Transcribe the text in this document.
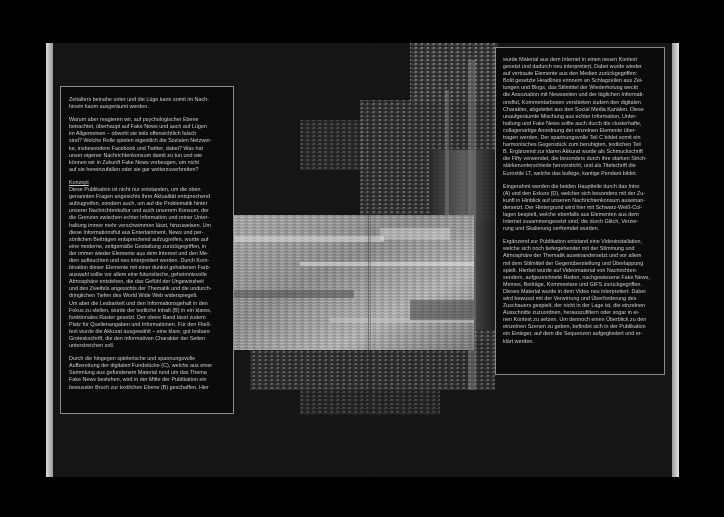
Zeitalters beinahe unter und die Lüge kann somit im Nach-
hinein kaum ausgeräumt werden.

Warum aber reagieren wir, auf psychologischer Ebene
betrachtet, überhaupt auf Fake News und auch auf Lügen
im Allgemeinen – obwohl sie teils offensichtlich falsch
sind? Welche Rolle spielen eigentlich die Sozialen Netzwer-
ke, insbesondere Facebook und Twitter, dabei? Was hat
unser eigener Nachrichtenkonsum damit zu tun und wie
können wir in Zukunft Fake News vorbeugen, um nicht
auf sie hereinzufallen oder sie gar weiterzuverbreiten?

Konzept

Diese Publikation ist nicht nur entstanden, um die oben
genannten Fragen angesichts ihrer Aktualität entsprechend
aufzugreifen, sondern auch, um auf die Problematik hinter
unserer Nachrichtenkultur und auch unserem Konsum, der
die Grenzen zwischen echter Information und reiner Unter-
haltung immer mehr verschwimmen lässt, hinzuweisen. Um
diese Informationsflut aus Entertainment, News und per-
sönlichen Beiträgen entsprechend aufzugreifen, wurde auf
eine moderne, zeitgemäße Gestaltung zurückgegriffen, in
der immer wieder Elemente aus dem Internet und den Me-
dien aufleuchten und neu interpretiert werden. Durch Kom-
bination dieser Elemente mit einer dunkel gehaltenen Farb-
auswahl sollte vor allem eine futuristische, geheimnisvolle
Atmosphäre entstehen, die das Gefühl der Ungewissheit
und des Zweifels angesichts der Thematik und die undurch-
dringlichen Tiefen des World Wide Web widerspiegelt.
Um aber die Lesbarkeit und den Informationsgehalt in den
Fokus zu stellen, wurde der textliche Inhalt (B) in ein klares,
funktionales Raster gesetzt. Der obere Rand lässt zudem
Platz für Quellenangaben und Informationen. Für den Fließ-
text wurde die Akkurat ausgewählt – eine klare, gut lesbare
Groteskschrift, die den informativen Charakter der Seiten
unterstreichen soll.

Durch die hingegen spielerische und spannungsvolle
Aufbereitung der digitalen Fundstücke (C), welche aus einer
Sammlung aus gefundenem Material rund um das Thema
Fake News bestehen, wird in der Mitte der Publikation ein
bewusster Bruch zur textlichen Ebene (B) geschaffen. Hier

wurde Material aus dem Internet in einen neuen Kontext
gesetzt und dadurch neu interpretiert. Dabei wurde wieder
auf vertraute Elemente aus den Medien zurückgegriffen:
Bold gesetzte Headlines erinnern an Schlagzeilen aus Zei-
tungen und Blogs, das Stilmittel der Wiederholung weckt
die Assoziation mit Newsseiten und der täglichen Informati-
onsflut, Kommentarboxen verstärken zudem den digitalen
Charakter, abgeleitet aus den Social Media Kanälen. Diese
unaufgeräumte Mischung aus echter Information, Unter-
haltung und Fake News sollte auch durch die clusterhafte,
collagenartige Anordnung der einzelnen Elemente über-
tragen werden. Der spannungsvolle Teil C bildet somit ein
harmonisches Gegenstück zum beruhigten, textlichen Teil
B. Ergänzend zur klaren Akkurat wurde als Schmuckschrift
die Fifty verwendet, die besonders durch ihre starken Strich-
stärkenunterschiede hervorsticht, und als Titelschrift die
Eurostile LT, welche das bulkige, kantige Pendant bildet.

Eingerahmt werden die beiden Hauptteile durch das Intro
(A) und den Exkurs (D), welcher sich besonders mit der Zu-
kunft in Hinblick auf unseren Nachrichtenkonsum auseinan-
dersetzt. Der Hintergrund wird hier mit Schwarz-Weiß-Col-
lagen bespielt, welche ebenfalls aus Elementen aus dem
Internet zusammengesetzt sind, die durch Glitch, Verzer-
rung und Skalierung verfremdet wurden.

Ergänzend zur Publikation entstand eine Videoinstallation,
welche sich noch tiefergehender mit der Stimmung und
Atmosphäre der Thematik auseinandersetzt und vor allem
mit dem Stilmittel der Gegenüberstellung und Überlappung
spielt. Hierbei wurde auf Videomaterial von Nachrichten-
sendern, aufgezeichnete Reden, nachgewiesene Fake News,
Memes, Beiträge, Kommentare und GIFS zurückgegriffen.
Dieses Material wurde in dem Video neu interpretiert. Dabei
wird bewusst mit der Verwirrung und Überforderung des
Zuschauers gespielt, der nicht in der Lage ist, die einzelnen
Ausschnitte zuzuordnen, herauszufiltern oder sogar in ei-
nen Kontext zu setzen. Um dennoch einen Überblick zu den
einzelnen Szenen zu geben, befindet sich in der Publikation
ein Einleger, auf dem die Sequenzen aufgegliedert und er-
klärt werden.
